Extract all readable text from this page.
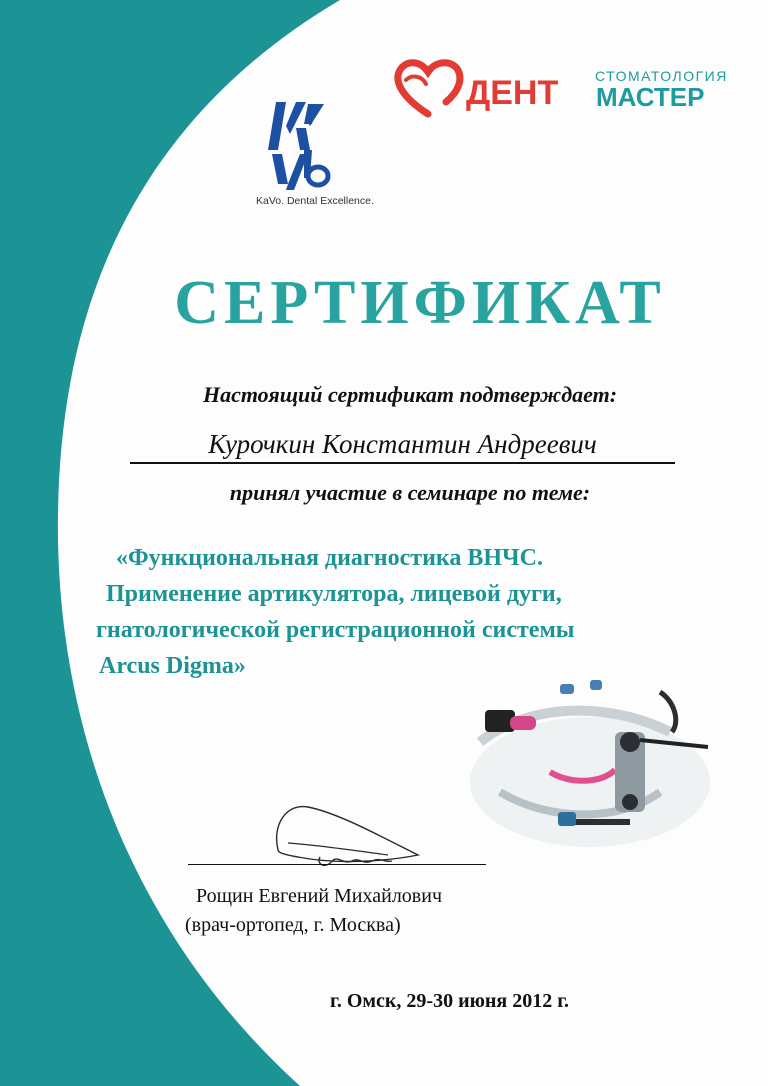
KaVo. Dental Excellence.
ДЕНТ	СТОМАТОЛОГИЯ
МАСТЕР
СЕРТИФИКАТ
Настоящий сертификат подтверждает:
Курочкин Константин Андреевич
принял участие в семинаре по теме:
«Функциональная диагностика ВНЧС.
Применение артикулятора, лицевой дуги,
гнатологической регистрационной системы
Arcus Digma»
Рощин Евгений Михайлович
(врач-ортопед, г. Москва)
г. Омск, 29-30 июня 2012 г.
